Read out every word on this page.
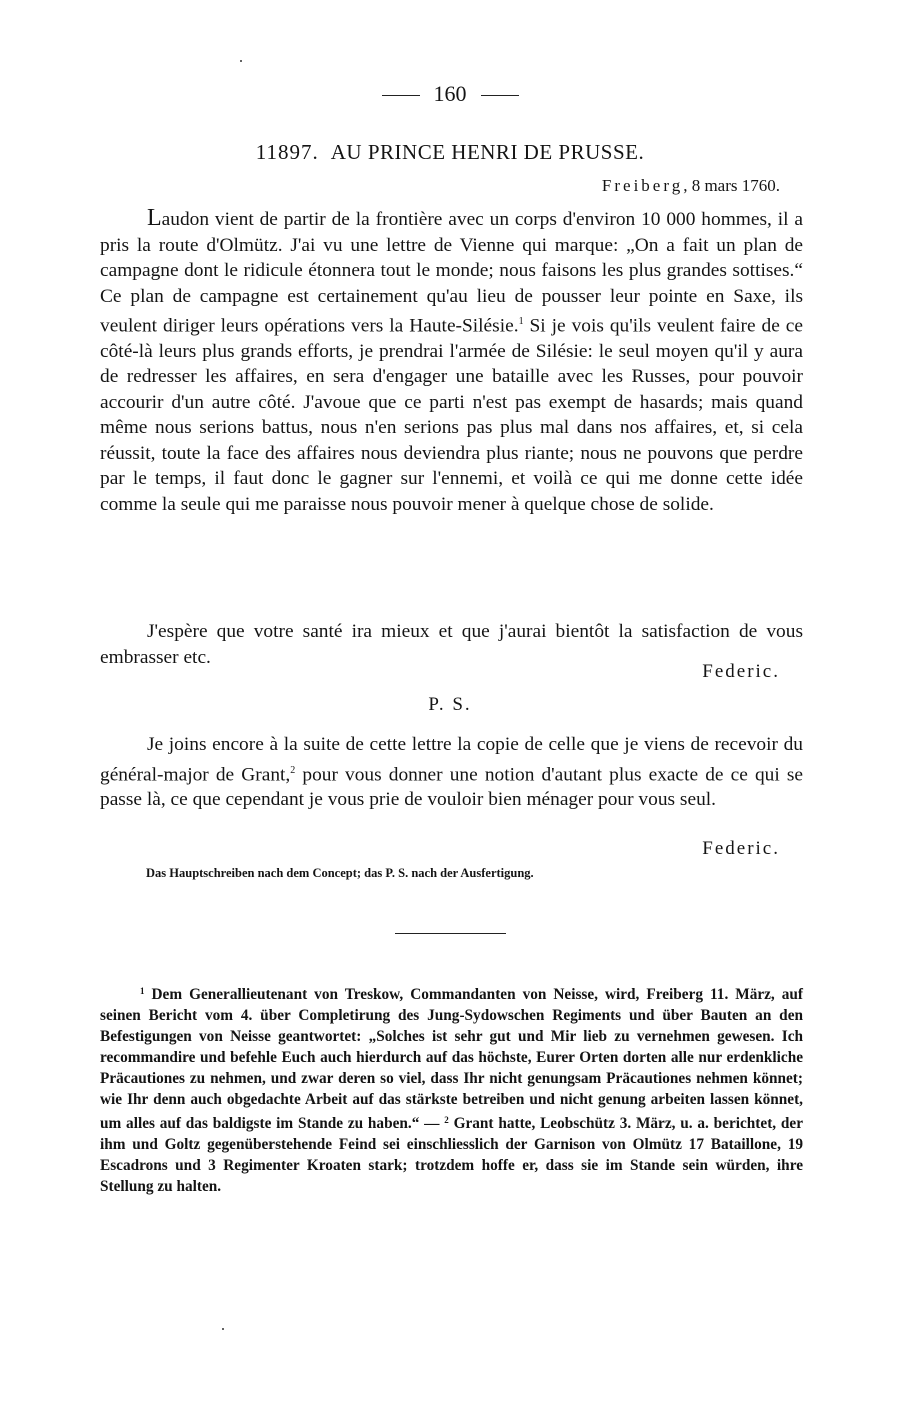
160
11897. AU PRINCE HENRI DE PRUSSE.
Freiberg, 8 mars 1760.

Laudon vient de partir de la frontière avec un corps d'environ 10 000 hommes, il a pris la route d'Olmütz. J'ai vu une lettre de Vienne qui marque: „On a fait un plan de campagne dont le ridicule étonnera tout le monde; nous faisons les plus grandes sottises.“ Ce plan de campagne est certainement qu'au lieu de pousser leur pointe en Saxe, ils veulent diriger leurs opérations vers la Haute-Silésie.$^1$ Si je vois qu'ils veulent faire de ce côté-là leurs plus grands efforts, je prendrai l'armée de Silésie: le seul moyen qu'il y aura de redresser les affaires, en sera d'engager une bataille avec les Russes, pour pouvoir accourir d'un autre côté. J'avoue que ce parti n'est pas exempt de hasards; mais quand même nous serions battus, nous n'en serions pas plus mal dans nos affaires, et, si cela réussit, toute la face des affaires nous deviendra plus riante; nous ne pouvons que perdre par le temps, il faut donc le gagner sur l'ennemi, et voilà ce qui me donne cette idée comme la seule qui me paraisse nous pouvoir mener à quelque chose de solide.

J'espère que votre santé ira mieux et que j'aurai bientôt la satisfaction de vous embrasser etc.

Federic.
P. S.

Je joins encore à la suite de cette lettre la copie de celle que je viens de recevoir du général-major de Grant,$^2$ pour vous donner une notion d'autant plus exacte de ce qui se passe là, ce que cependant je vous prie de vouloir bien ménager pour vous seul.

Federic.
Das Hauptschreiben nach dem Concept; das P. S. nach der Ausfertigung.

$^1$ Dem Generallieutenant von Treskow, Commandanten von Neisse, wird, Freiberg 11. März, auf seinen Bericht vom 4. über Completirung des Jung-Sydowschen Regiments und über Bauten an den Befestigungen von Neisse geantwortet: „Solches ist sehr gut und Mir lieb zu vernehmen gewesen. Ich recommandire und befehle Euch auch hierdurch auf das höchste, Eurer Orten dorten alle nur erdenkliche Präcautiones zu nehmen, und zwar deren so viel, dass Ihr nicht genungsam Präcautiones nehmen könnet; wie Ihr denn auch obgedachte Arbeit auf das stärkste betreiben und nicht genung arbeiten lassen könnet, um alles auf das baldigste im Stande zu haben.“ — $^2$ Grant hatte, Leobschütz 3. März, u. a. berichtet, der ihm und Goltz gegenüberstehende Feind sei einschliesslich der Garnison von Olmütz 17 Bataillone, 19 Escadrons und 3 Regimenter Kroaten stark; trotzdem hoffe er, dass sie im Stande sein würden, ihre Stellung zu halten.
